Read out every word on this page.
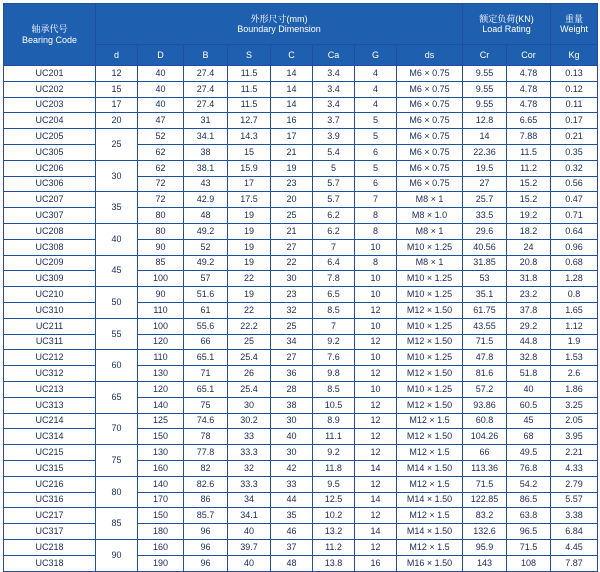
轴承代号
Bearing Code	外形尺寸(mm)
Boundary Dimension								额定负荷(KN)
Load Rating		重量
Weight

	d	D	B	S	C	Ca	G	ds	Cr	Cor	Kg
UC201	12	40	27.4	11.5	14	3.4	4	M6 × 0.75	9.55	4.78	0.13
UC202	15	40	27.4	11.5	14	3.4	4	M6 × 0.75	9.55	4.78	0.12
UC203	17	40	27.4	11.5	14	3.4	4	M6 × 0.75	9.55	4.78	0.11
UC204	20	47	31	12.7	16	3.7	5	M6 × 0.75	12.8	6.65	0.17
UC205	25	52	34.1	14.3	17	3.9	5	M6 × 0.75	14	7.88	0.21
UC305		62	38	15	21	5.4	6	M6 × 0.75	22.36	11.5	0.35
UC206	30	62	38.1	15.9	19	5	5	M6 × 0.75	19.5	11.2	0.32
UC306		72	43	17	23	5.7	6	M6 × 0.75	27	15.2	0.56
UC207	35	72	42.9	17.5	20	5.7	7	M8 × 1	25.7	15.2	0.47
UC307		80	48	19	25	6.2	8	M8 × 1.0	33.5	19.2	0.71
UC208	40	80	49.2	19	21	6.2	8	M8 × 1	29.6	18.2	0.64
UC308		90	52	19	27	7	10	M10 × 1.25	40.56	24	0.96
UC209	45	85	49.2	19	22	6.4	8	M8 × 1	31.85	20.8	0.68
UC309		100	57	22	30	7.8	10	M10 × 1.25	53	31.8	1.28
UC210	50	90	51.6	19	23	6.5	10	M10 × 1.25	35.1	23.2	0.8
UC310		110	61	22	32	8.5	12	M12 × 1.50	61.75	37.8	1.65
UC211	55	100	55.6	22.2	25	7	10	M10 × 1.25	43.55	29.2	1.12
UC311		120	66	25	34	9.2	12	M12 × 1.50	71.5	44.8	1.9
UC212	60	110	65.1	25.4	27	7.6	10	M10 × 1.25	47.8	32.8	1.53
UC312		130	71	26	36	9.8	12	M12 × 1.50	81.6	51.8	2.6
UC213	65	120	65.1	25.4	28	8.5	10	M10 × 1.25	57.2	40	1.86
UC313		140	75	30	38	10.5	12	M12 × 1.50	93.86	60.5	3.25
UC214	70	125	74.6	30.2	30	8.9	12	M12 × 1.5	60.8	45	2.05
UC314		150	78	33	40	11.1	12	M12 × 1.50	104.26	68	3.95
UC215	75	130	77.8	33.3	30	9.2	12	M12 × 1.5	66	49.5	2.21
UC315		160	82	32	42	11.8	14	M14 × 1.50	113.36	76.8	4.33
UC216	80	140	82.6	33.3	33	9.5	12	M12 × 1.5	71.5	54.2	2.79
UC316		170	86	34	44	12.5	14	M14 × 1.50	122.85	86.5	5.57
UC217	85	150	85.7	34.1	35	10.2	12	M12 × 1.5	83.2	63.8	3.38
UC317		180	96	40	46	13.2	14	M14 × 1.50	132.6	96.5	6.84
UC218	90	160	96	39.7	37	11.2	12	M12 × 1.5	95.9	71.5	4.45
UC318		190	96	40	48	13.8	16	M16 × 1.50	143	108	7.87
